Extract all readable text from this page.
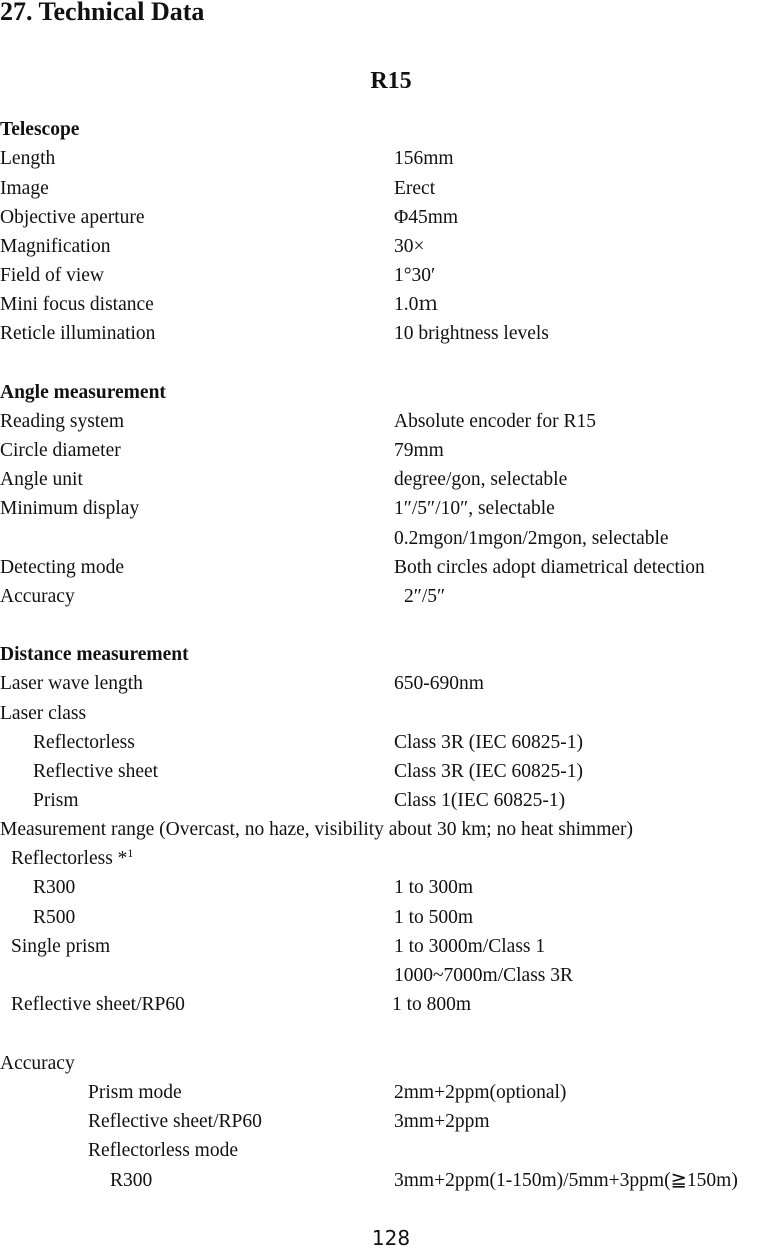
27. Technical Data
R15
Telescope
Length	156mm
Image	Erect
Objective aperture	Φ45mm
Magnification	30×
Field of view	1°30′
Mini focus distance	1.0ｍ
Reticle illumination	10 brightness levels
Angle measurement
Reading system	Absolute encoder for R15
Circle diameter	79mm
Angle unit	degree/gon, selectable
Minimum display	1″/5″/10″, selectable
0.2mgon/1mgon/2mgon, selectable
Detecting mode	Both circles adopt diametrical detection
Accuracy	2″/5″
Distance measurement
Laser wave length	650-690nm
Laser class
Reflectorless	Class 3R (IEC 60825-1)
Reflective sheet	Class 3R (IEC 60825-1)
Prism	Class 1(IEC 60825-1)
Measurement range (Overcast, no haze, visibility about 30 km; no heat shimmer)
Reflectorless *$^1$
R300	1 to 300m
R500	1 to 500m
Single prism	1 to 3000m/Class 1
1000~7000m/Class 3R
Reflective sheet/RP60	1 to 800m
Accuracy
Prism mode	2mm+2ppm(optional)
Reflective sheet/RP60	3mm+2ppm
Reflectorless mode
R300	3mm+2ppm(1-150m)/5mm+3ppm(≧150m)
128
